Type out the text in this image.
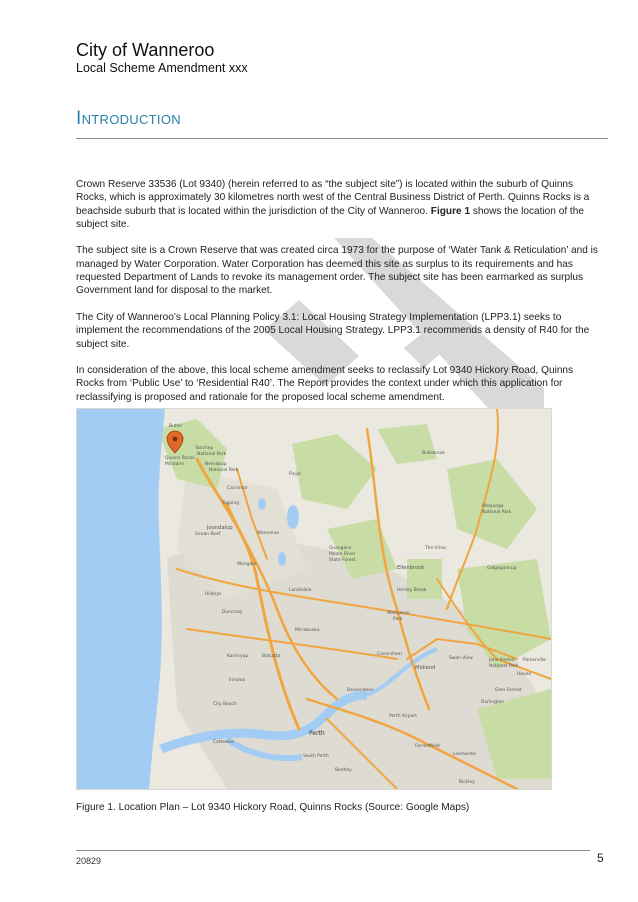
City of Wanneroo
Local Scheme Amendment xxx
Introduction

Crown Reserve 33536 (Lot 9340) (herein referred to as “the subject site”) is located within the suburb of Quinns Rocks, which is approximately 30 kilometres north west of the Central Business District of Perth. Quinns Rocks is a beachside suburb that is located within the jurisdiction of the City of Wanneroo. Figure 1 shows the location of the subject site.

The subject site is a Crown Reserve that was created circa 1973 for the purpose of ‘Water Tank & Reticulation’ and is managed by Water Corporation. Water Corporation has deemed this site as surplus to its requirements and has requested Department of Lands to revoke its management order. The subject site has been earmarked as surplus Government land for disposal to the market.

The City of Wanneroo’s Local Planning Policy 3.1: Local Housing Strategy Implementation (LPP3.1) seeks to implement the recommendations of the 2005 Local Housing Strategy. LPP3.1 recommends a density of R40 for the subject site.

In consideration of the above, this local scheme amendment seeks to reclassify Lot 9340 Hickory Road, Quinns Rocks from ‘Public Use’ to ‘Residential R40’. The Report provides the context under which this application for reclassifying is proposed and rationale for the proposed local scheme amendment.

Butler
Quinns Rocks
Mindarie
Yanchep
National Park
Neerabup
National Park
Pinjar
Bullsbrook
Carramar
Tapping
Joondalup
Ocean Reef	Wanneroo
Walyunga
National Park
The Vines
Gnangara-
Moore River
State Forest
Wangara
Hillarys
Landsdale
Ellenbrook
Henley Brook
Gidgegannup
Duncraig	Whiteman
Park
Mirrabooka
Karrinyup	Balcatta	Caversham
Midland
Swan View	John Forrest
National Park
Parkerville
Hovea
Glen Forrest
Darlington
Innaloo
Bassendean
City Beach
Perth Airport
Perth
Cottesloe
South Perth
Forrestfield
Lesmurdie
Bentley
Bickley
Figure 1. Location Plan – Lot 9340 Hickory Road, Quinns Rocks (Source: Google Maps)
20829	5
